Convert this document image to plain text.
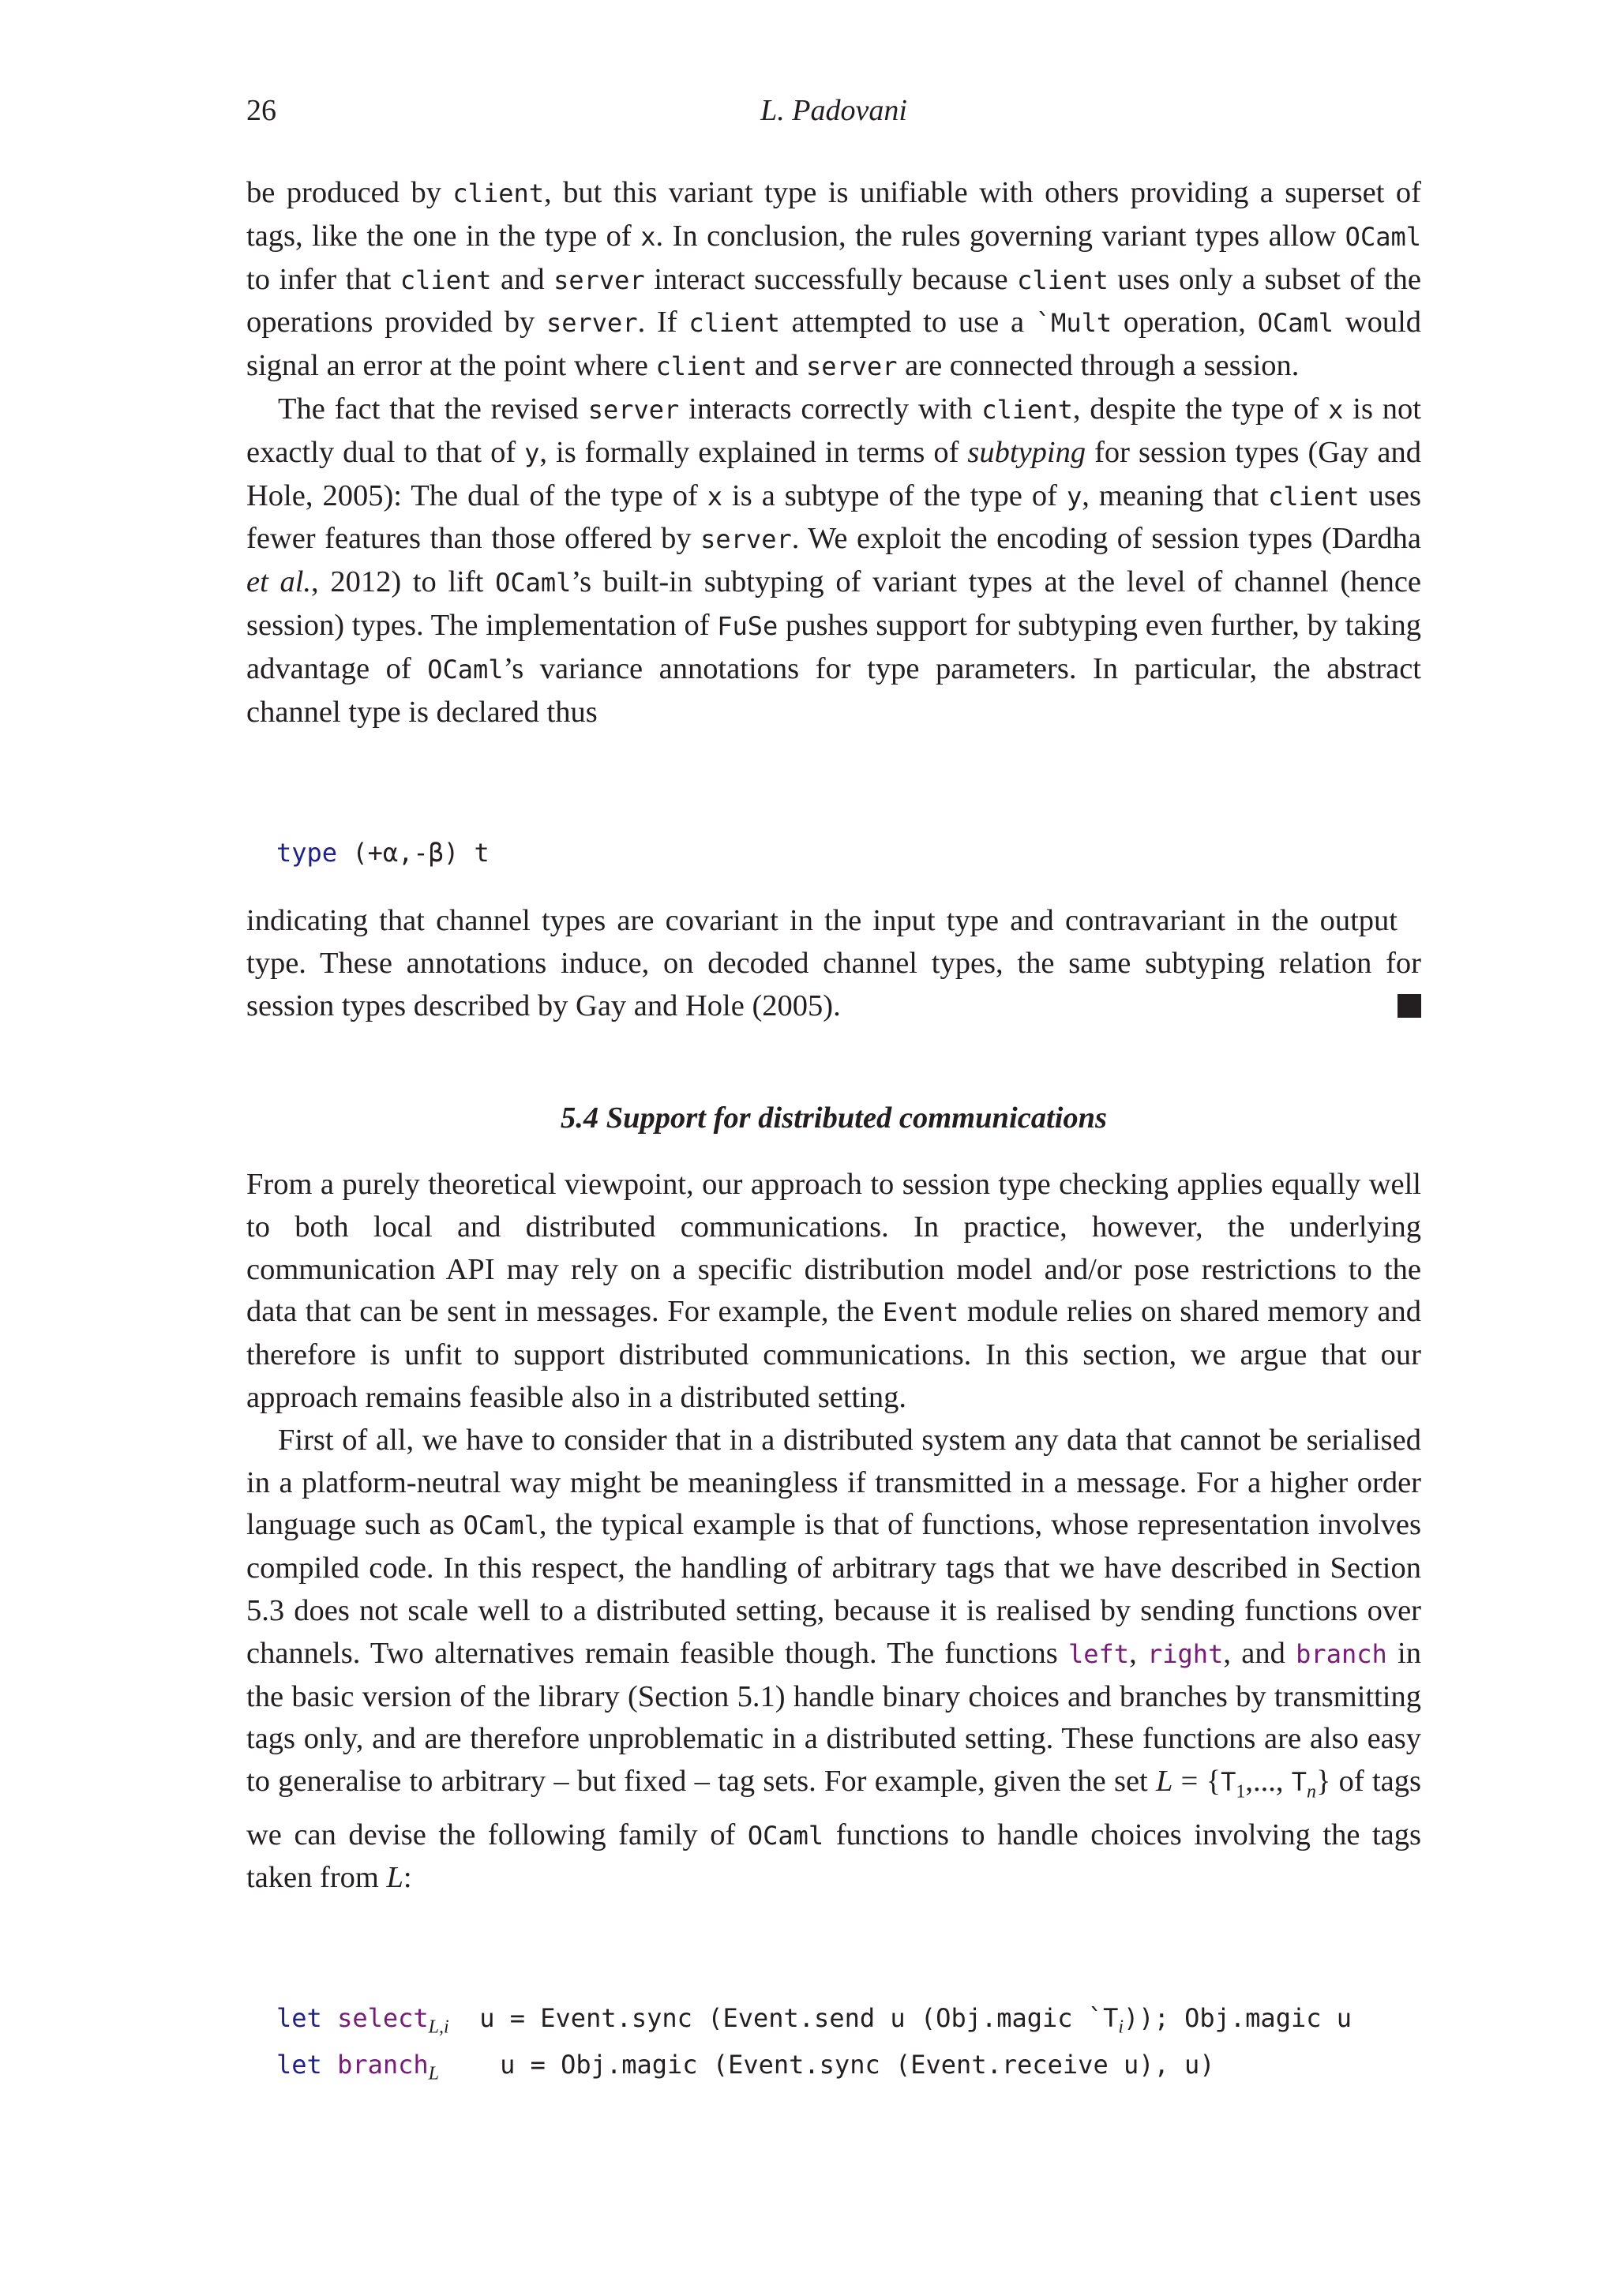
26	L. Padovani

be produced by client, but this variant type is unifiable with others providing a superset of tags, like the one in the type of x. In conclusion, the rules governing variant types allow OCaml to infer that client and server interact successfully because client uses only a subset of the operations provided by server. If client attempted to use a `Mult operation, OCaml would signal an error at the point where client and server are connected through a session.

The fact that the revised server interacts correctly with client, despite the type of x is not exactly dual to that of y, is formally explained in terms of subtyping for session types (Gay and Hole, 2005): The dual of the type of x is a subtype of the type of y, meaning that client uses fewer features than those offered by server. We exploit the encoding of session types (Dardha et al., 2012) to lift OCaml’s built-in subtyping of variant types at the level of channel (hence session) types. The implementation of FuSe pushes support for subtyping even further, by taking advantage of OCaml’s variance annotations for type parameters. In particular, the abstract channel type is declared thus

type (+α,-β) t

indicating that channel types are covariant in the input type and contravariant in the output type. These annotations induce, on decoded channel types, the same subtyping relation for session types described by Gay and Hole (2005).

5.4 Support for distributed communications

From a purely theoretical viewpoint, our approach to session type checking applies equally well to both local and distributed communications. In practice, however, the underlying communication API may rely on a specific distribution model and/or pose restrictions to the data that can be sent in messages. For example, the Event module relies on shared memory and therefore is unfit to support distributed communications. In this section, we argue that our approach remains feasible also in a distributed setting.

First of all, we have to consider that in a distributed system any data that cannot be serialised in a platform-neutral way might be meaningless if transmitted in a message. For a higher order language such as OCaml, the typical example is that of functions, whose representation involves compiled code. In this respect, the handling of arbitrary tags that we have described in Section 5.3 does not scale well to a distributed setting, because it is realised by sending functions over channels. Two alternatives remain feasible though. The functions left, right, and branch in the basic version of the library (Section 5.1) handle binary choices and branches by transmitting tags only, and are therefore unproblematic in a distributed setting. These functions are also easy to generalise to arbitrary – but fixed – tag sets. For example, given the set $L = \{T_1$,..., $T_n$} of tags we can devise the following family of OCaml functions to handle choices involving the tags taken from L:

let select$_{L,i}$  u = Event.sync (Event.send u (Obj.magic $`T_i$)); Obj.magic u
let branch$_L$    u = Obj.magic (Event.sync (Event.receive u), u)
